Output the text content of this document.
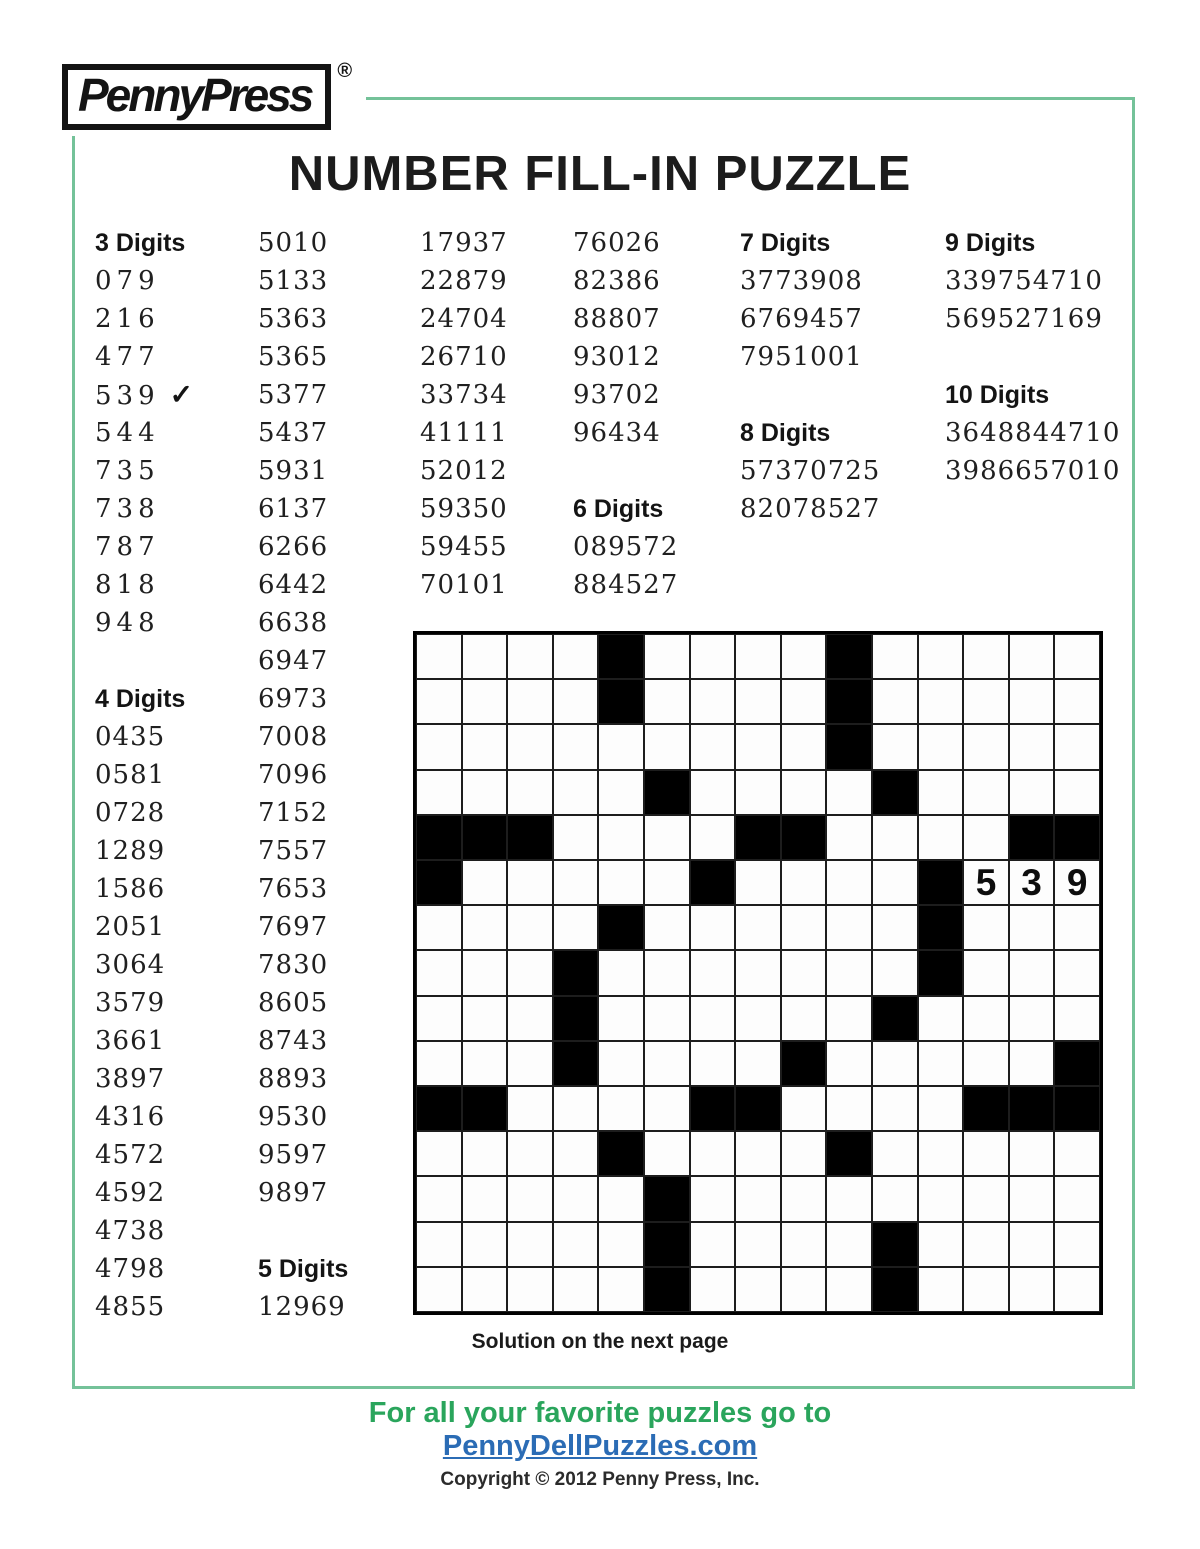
PennyPress	®
NUMBER FILL-IN PUZZLE
3 Digits
079
216
477
539 ✓
544
735
738
787
818
948
4 Digits
0435
0581
0728
1289
1586
2051
3064
3579
3661
3897
4316
4572
4592
4738
4798
4855
5010
5133
5363
5365
5377
5437
5931
6137
6266
6442
6638
6947
6973
7008
7096
7152
7557
7653
7697
7830
8605
8743
8893
9530
9597
9897
5 Digits
12969
17937
22879
24704
26710
33734
41111
52012
59350
59455
70101
76026
82386
88807
93012
93702
96434
6 Digits
089572
884527
7 Digits
3773908
6769457
7951001
8 Digits
57370725
82078527
9 Digits
339754710
569527169
10 Digits
3648844710
3986657010
5 3 9
Solution on the next page
For all your favorite puzzles go to
PennyDellPuzzles.com
Copyright © 2012 Penny Press, Inc.
